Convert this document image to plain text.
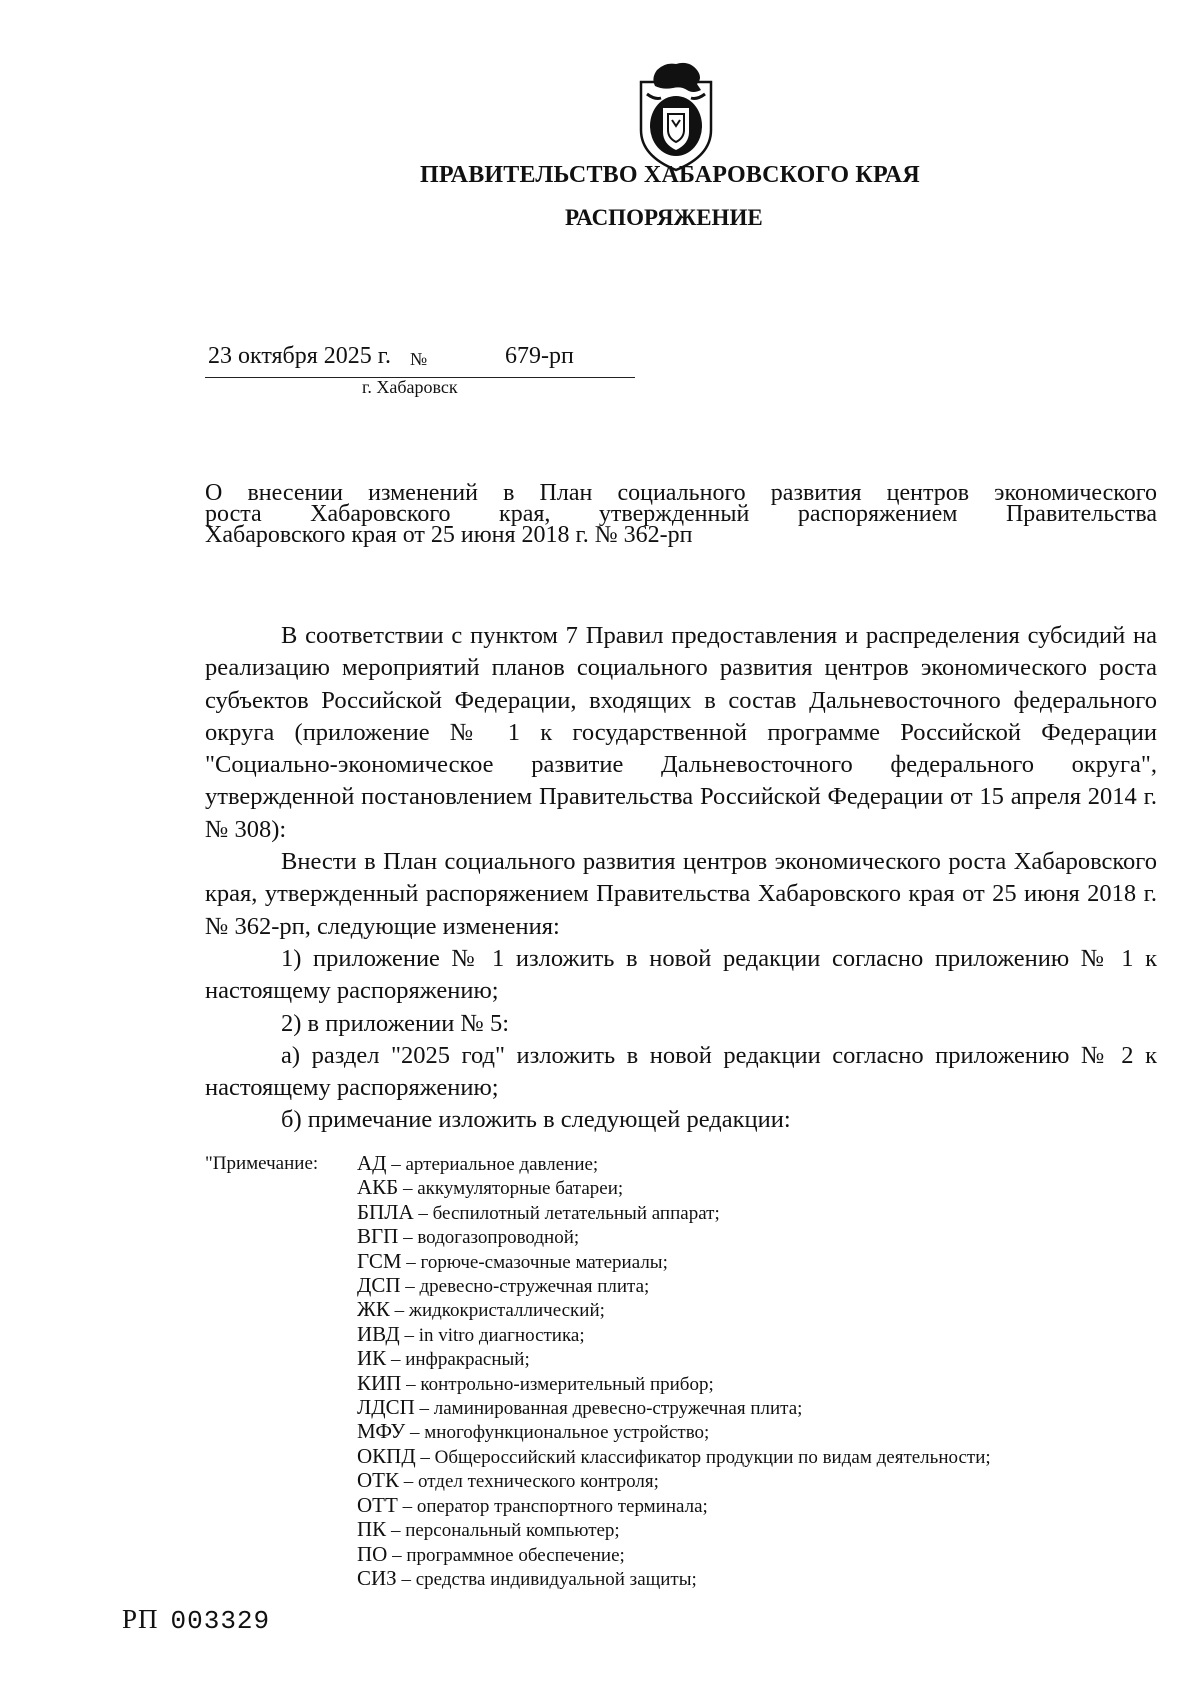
ПРАВИТЕЛЬСТВО ХАБАРОВСКОГО КРАЯ
РАСПОРЯЖЕНИЕ
23 октября 2025 г. №	679-рп
г. Хабаровск
О внесении изменений в План социального развития центров экономического
роста Хабаровского края, утвержденный распоряжением Правительства
Хабаровского края от 25 июня 2018 г. № 362-рп

В соответствии с пунктом 7 Правил предоставления и распределения субсидий на реализацию мероприятий планов социального развития центров экономического роста субъектов Российской Федерации, входящих в состав Дальневосточного федерального округа (приложение № 1 к государственной программе Российской Федерации "Социально-экономическое развитие Дальневосточного федерального округа", утвержденной постановлением Правительства Российской Федерации от 15 апреля 2014 г. № 308):

Внести в План социального развития центров экономического роста Хабаровского края, утвержденный распоряжением Правительства Хабаровского края от 25 июня 2018 г. № 362-рп, следующие изменения:

1) приложение № 1 изложить в новой редакции согласно приложению № 1 к настоящему распоряжению;

2) в приложении № 5:

а) раздел "2025 год" изложить в новой редакции согласно приложению № 2 к настоящему распоряжению;

б) примечание изложить в следующей редакции:

"Примечание: АД – артериальное давление;
АКБ – аккумуляторные батареи;
БПЛА – беспилотный летательный аппарат;
ВГП – водогазопроводной;
ГСМ – горюче-смазочные материалы;
ДСП – древесно-стружечная плита;
ЖК – жидкокристаллический;
ИВД – in vitro диагностика;
ИК – инфракрасный;
КИП – контрольно-измерительный прибор;
ЛДСП – ламинированная древесно-стружечная плита;
МФУ – многофункциональное устройство;
ОКПД – Общероссийский классификатор продукции по видам деятельности;
ОТК – отдел технического контроля;
ОТТ – оператор транспортного терминала;
ПК – персональный компьютер;
ПО – программное обеспечение;
СИЗ – средства индивидуальной защиты;
РП 003329
